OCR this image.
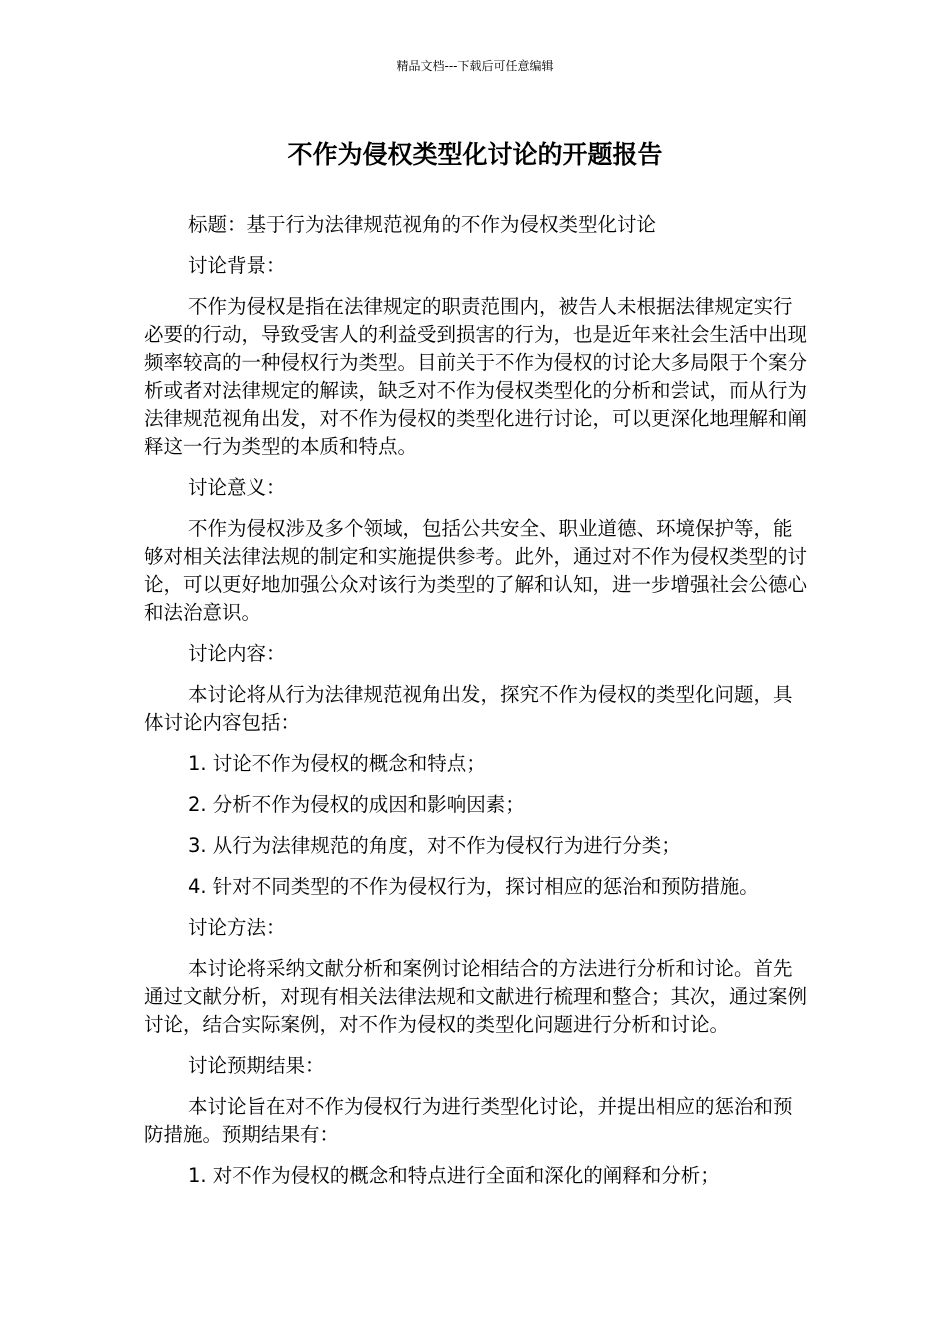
精品文档---下载后可任意编辑
不作为侵权类型化讨论的开题报告

标题：基于行为法律规范视角的不作为侵权类型化讨论

讨论背景：

不作为侵权是指在法律规定的职责范围内，被告人未根据法律规定实行必要的行动，导致受害人的利益受到损害的行为，也是近年来社会生活中出现频率较高的一种侵权行为类型。目前关于不作为侵权的讨论大多局限于个案分析或者对法律规定的解读，缺乏对不作为侵权类型化的分析和尝试，而从行为法律规范视角出发，对不作为侵权的类型化进行讨论，可以更深化地理解和阐释这一行为类型的本质和特点。

讨论意义：

不作为侵权涉及多个领域，包括公共安全、职业道德、环境保护等，能够对相关法律法规的制定和实施提供参考。此外，通过对不作为侵权类型的讨论，可以更好地加强公众对该行为类型的了解和认知，进一步增强社会公德心和法治意识。

讨论内容：

本讨论将从行为法律规范视角出发，探究不作为侵权的类型化问题，具体讨论内容包括：

1. 讨论不作为侵权的概念和特点；

2. 分析不作为侵权的成因和影响因素；

3. 从行为法律规范的角度，对不作为侵权行为进行分类；

4. 针对不同类型的不作为侵权行为，探讨相应的惩治和预防措施。

讨论方法：

本讨论将采纳文献分析和案例讨论相结合的方法进行分析和讨论。首先通过文献分析，对现有相关法律法规和文献进行梳理和整合；其次，通过案例讨论，结合实际案例，对不作为侵权的类型化问题进行分析和讨论。

讨论预期结果：

本讨论旨在对不作为侵权行为进行类型化讨论，并提出相应的惩治和预防措施。预期结果有：

1. 对不作为侵权的概念和特点进行全面和深化的阐释和分析；
